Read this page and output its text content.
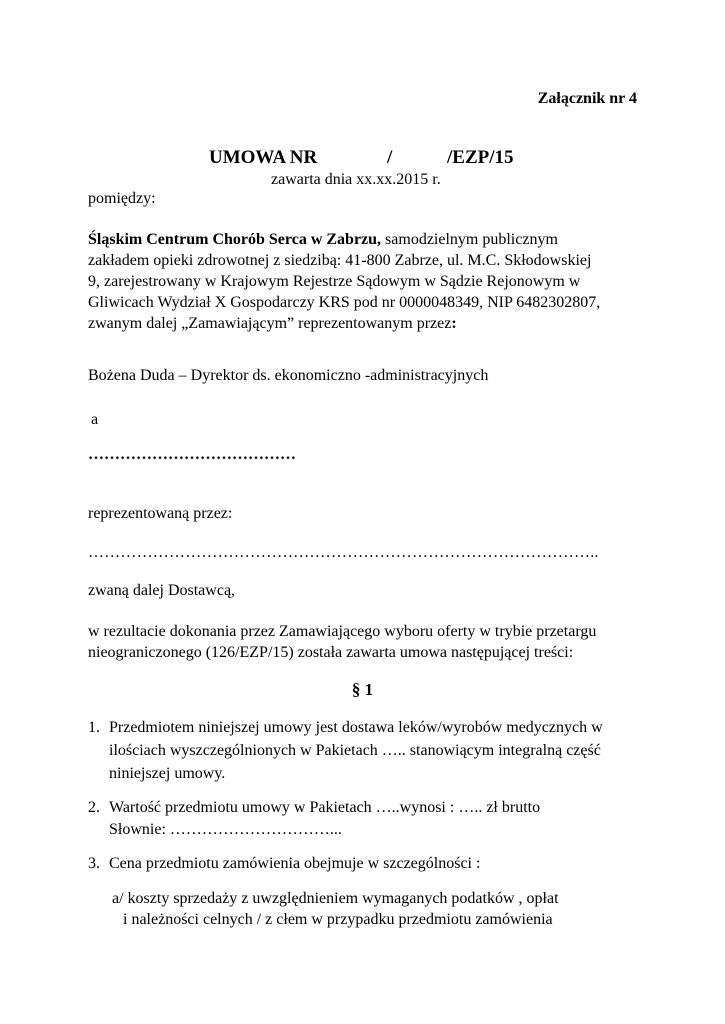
Załącznik nr 4
UMOWA NR	/	/EZP/15
zawarta dnia xx.xx.2015 r.
pomiędzy:
Śląskim Centrum Chorób Serca w Zabrzu, samodzielnym publicznym
zakładem opieki zdrowotnej z siedzibą: 41-800 Zabrze, ul. M.C. Skłodowskiej
9, zarejestrowany w Krajowym Rejestrze Sądowym w Sądzie Rejonowym w
Gliwicach Wydział X Gospodarczy KRS pod nr 0000048349, NIP 6482302807,
zwanym dalej „Zamawiającym” reprezentowanym przez:
Bożena Duda – Dyrektor ds. ekonomiczno -administracyjnych
a
…………………………………
reprezentowaną przez:
…………………………………………………………………………………..
zwaną dalej Dostawcą,
w rezultacie dokonania przez Zamawiającego wyboru oferty w trybie przetargu
nieograniczonego (126/EZP/15) została zawarta umowa następującej treści:
§ 1
1. Przedmiotem niniejszej umowy jest dostawa leków/wyrobów medycznych w
ilościach wyszczególnionych w Pakietach ….. stanowiącym integralną część
niniejszej umowy.
2. Wartość przedmiotu umowy w Pakietach …..wynosi : ….. zł brutto
Słownie: …………………………...
3. Cena przedmiotu zamówienia obejmuje w szczególności :
a/ koszty sprzedaży z uwzględnieniem wymaganych podatków , opłat
i należności celnych / z cłem w przypadku przedmiotu zamówienia
